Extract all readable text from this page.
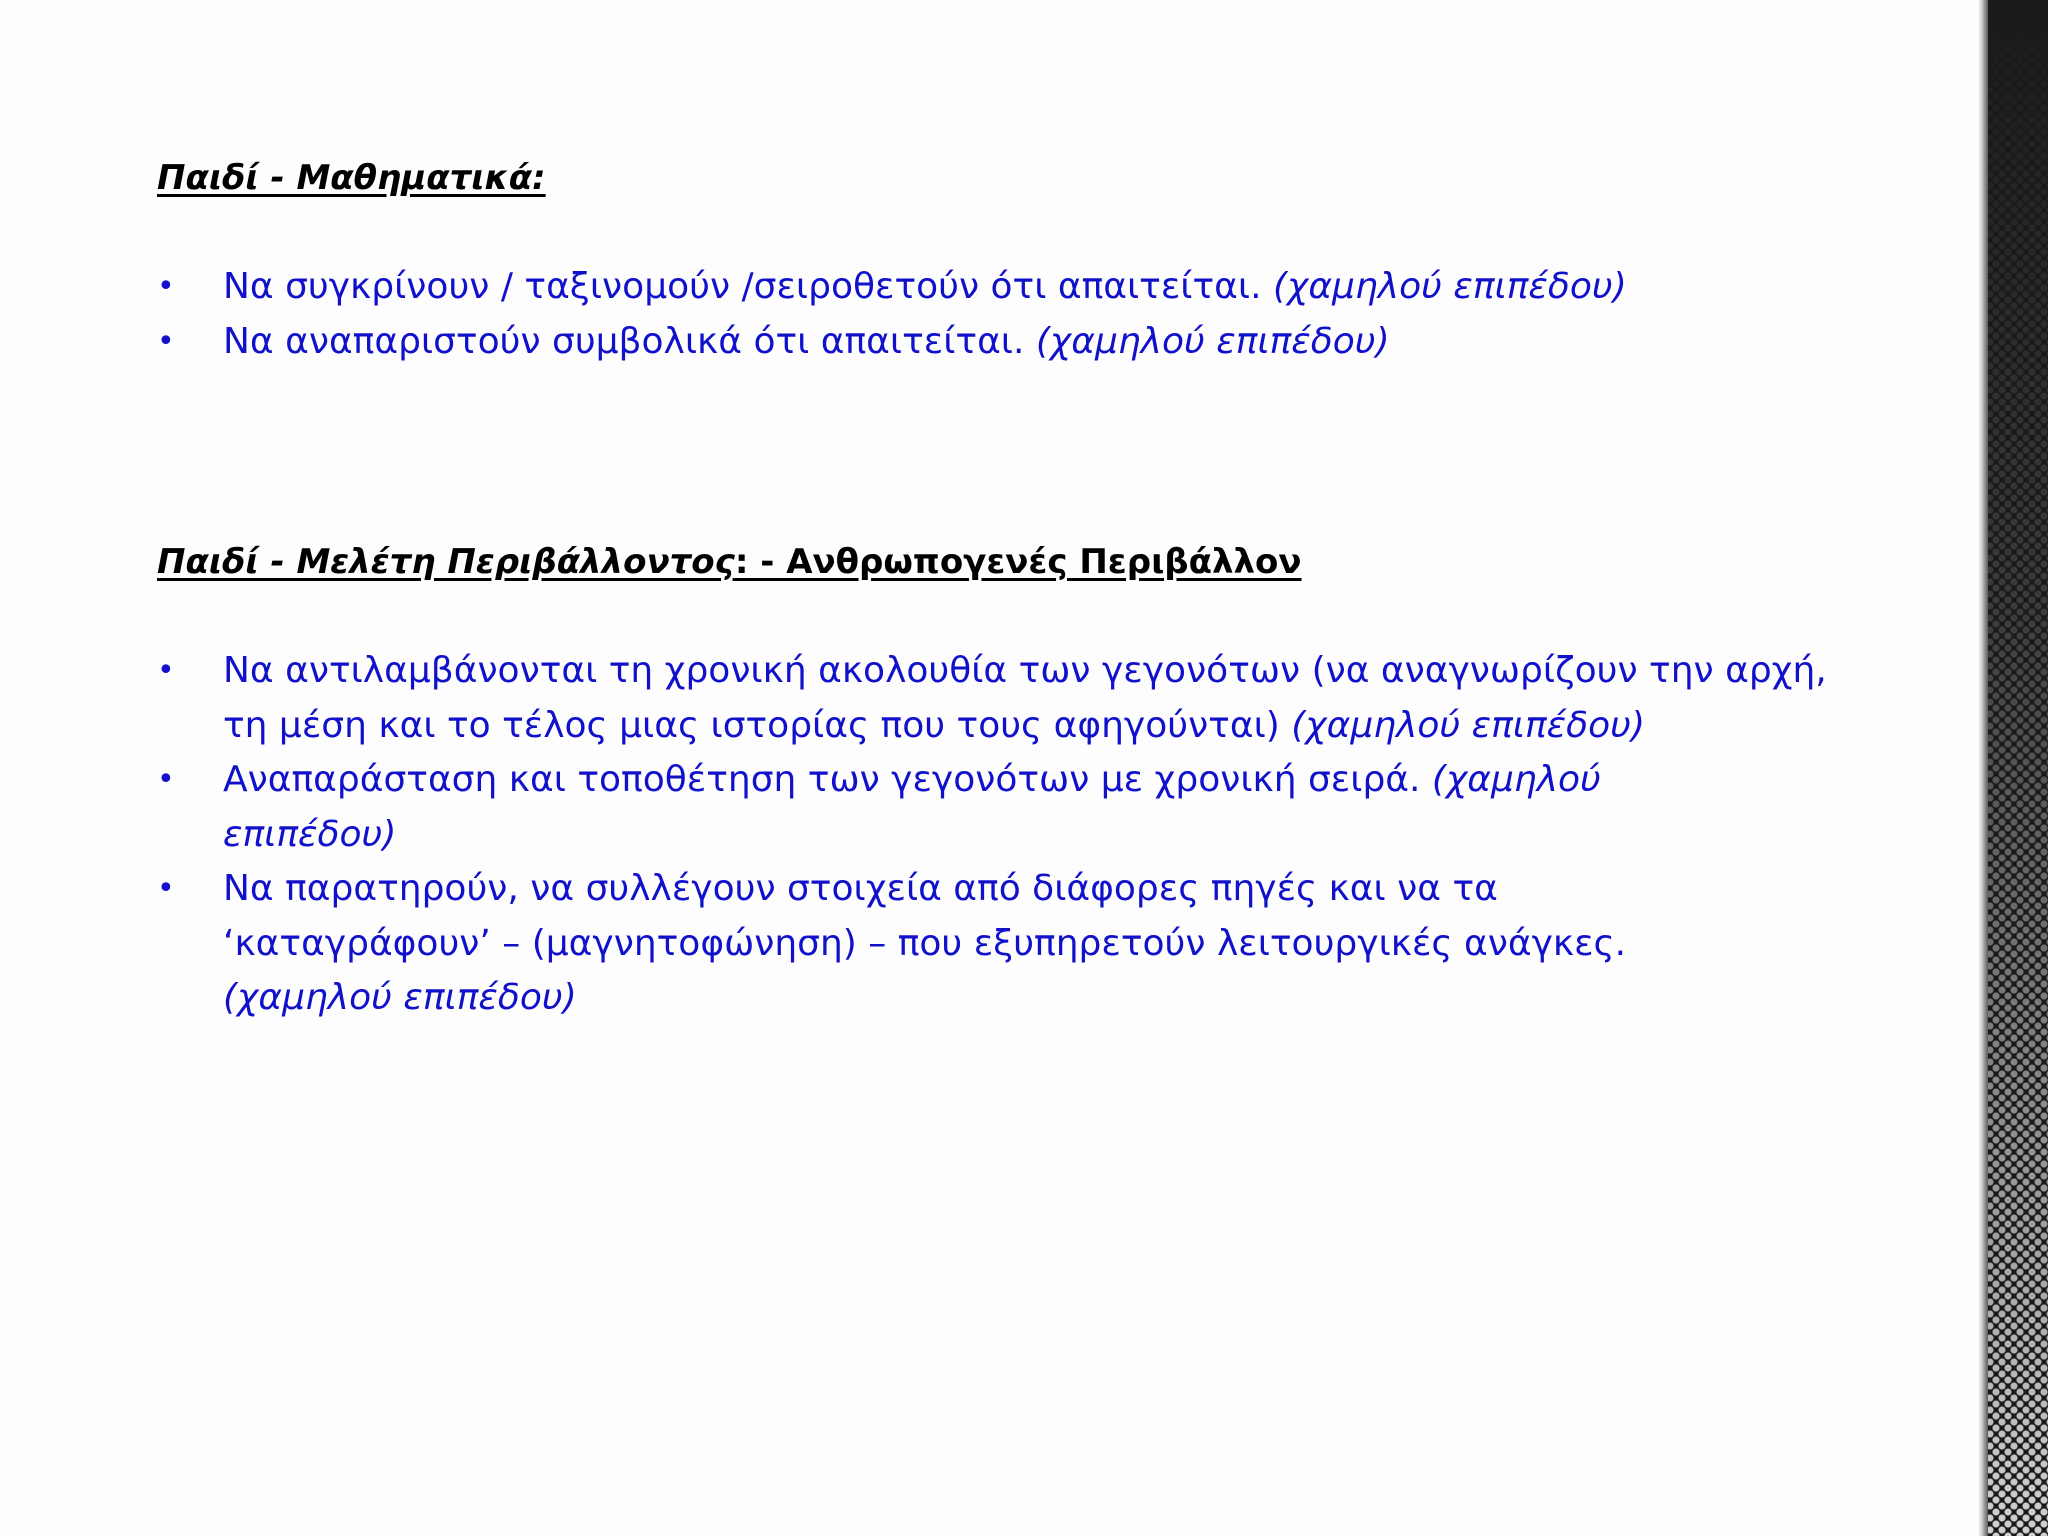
Παιδί - Μαθηματικά:
• Να συγκρίνουν / ταξινομούν /σειροθετούν ότι απαιτείται. (χαμηλού επιπέδου)
• Να αναπαριστούν συμβολικά ότι απαιτείται. (χαμηλού επιπέδου)
Παιδί - Μελέτη Περιβάλλοντος: - Ανθρωπογενές Περιβάλλον
• Να αντιλαμβάνονται τη χρονική ακολουθία των γεγονότων (να αναγνωρίζουν την αρχή, τη μέση και το τέλος μιας ιστορίας που τους αφηγούνται) (χαμηλού επιπέδου)
• Αναπαράσταση και τοποθέτηση των γεγονότων με χρονική σειρά. (χαμηλού επιπέδου)
• Να παρατηρούν, να συλλέγουν στοιχεία από διάφορες πηγές και να τα ‘καταγράφουν’ – (μαγνητοφώνηση) – που εξυπηρετούν λειτουργικές ανάγκες. (χαμηλού επιπέδου)
